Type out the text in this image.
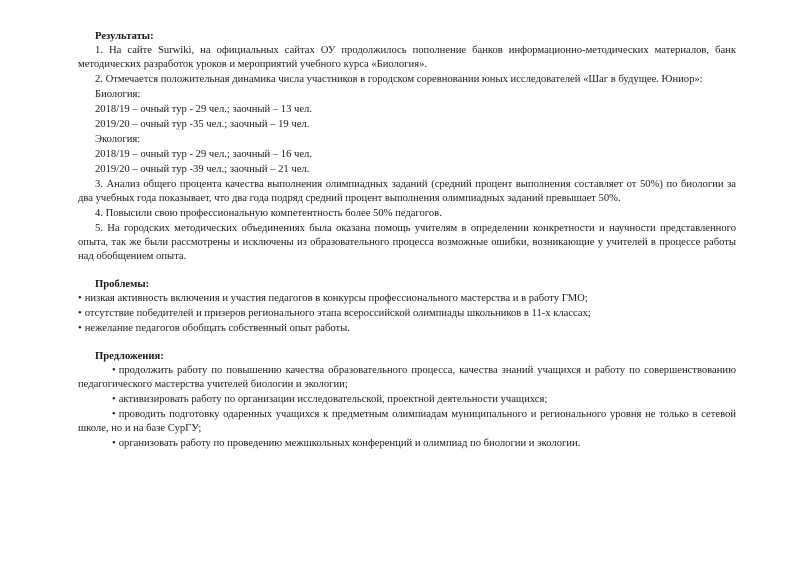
Результаты:

1. На сайте Surwiki, на официальных сайтах ОУ продолжилось пополнение банков информационно-методических материалов, банк методических разработок уроков и мероприятий учебного курса «Биология».

2. Отмечается положительная динамика числа участников в городском соревновании юных исследователей «Шаг в будущее. Юниор»:

Биология:

2018/19 – очный тур - 29 чел.; заочный – 13 чел.

2019/20 – очный тур -35 чел.; заочный – 19 чел.

Экология:

2018/19 – очный тур - 29 чел.; заочный – 16 чел.

2019/20 – очный тур -39 чел.; заочный – 21 чел.

3. Анализ общего процента качества выполнения олимпиадных заданий (средний процент выполнения составляет от 50%) по биологии за два учебных года показывает, что два года подряд средний процент выполнения олимпиадных заданий превышает 50%.

4. Повысили свою профессиональную компетентность более 50% педагогов.

5. На городских методических объединениях была оказана помощь учителям в определении конкретности и научности представленного опыта, так же были рассмотрены и исключены из образовательного процесса возможные ошибки, возникающие у учителей в процессе работы над обобщением опыта.

Проблемы:

• низкая активность включения и участия педагогов в конкурсы профессионального мастерства и в работу ГМО;

• отсутствие победителей и призеров регионального этапа всероссийской олимпиады школьников в 11-х классах;

• нежелание педагогов обобщать собственный опыт работы.

Предложения:

• продолжить работу по повышению качества образовательного процесса, качества знаний учащихся и работу по совершенствованию педагогического мастерства учителей биологии и экологии;

• активизировать работу по организации исследовательской, проектной деятельности учащихся;

• проводить подготовку одаренных учащихся к предметным олимпиадам муниципального и регионального уровня не только в сетевой школе, но и на базе СурГУ;

• организовать работу по проведению межшкольных конференций и олимпиад по биологии и экологии.
